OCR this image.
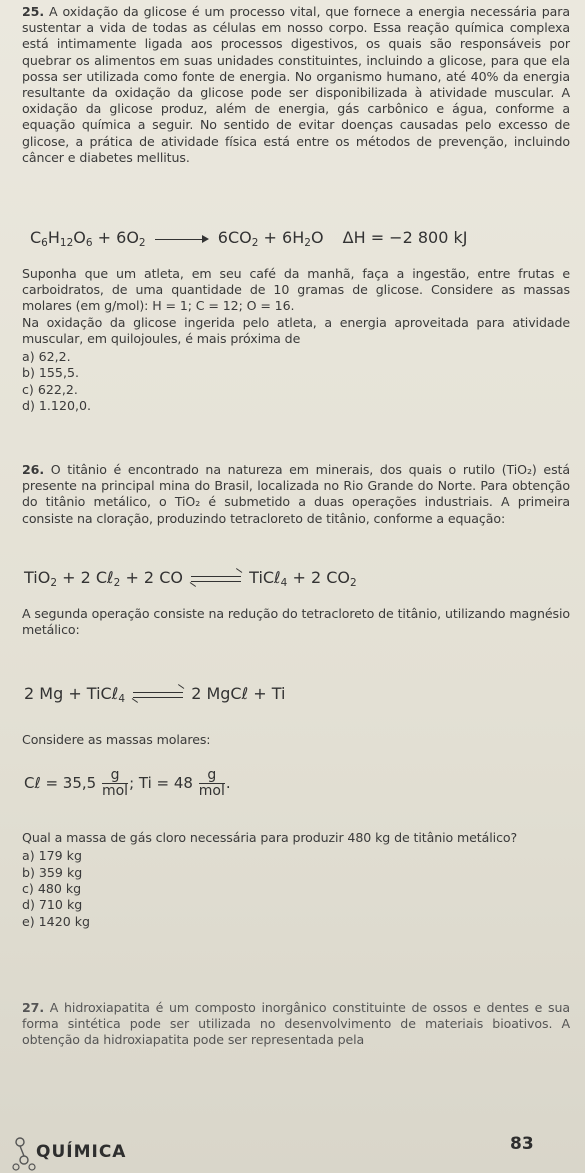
25. A oxidação da glicose é um processo vital, que fornece a energia necessária para sustentar a vida de todas as células em nosso corpo. Essa reação química complexa está intimamente ligada aos processos digestivos, os quais são responsáveis por quebrar os alimentos em suas unidades constituintes, incluindo a glicose, para que ela possa ser utilizada como fonte de energia. No organismo humano, até 40% da energia resultante da oxidação da glicose pode ser disponibilizada à atividade muscular. A oxidação da glicose produz, além de energia, gás carbônico e água, conforme a equação química a seguir. No sentido de evitar doenças causadas pelo excesso de glicose, a prática de atividade física está entre os métodos de prevenção, incluindo câncer e diabetes mellitus.

$C_6H_{12}O_6 + 6O_2$	$6CO_2 + 6H_2O$ ΔH = −2 800 kJ

Suponha que um atleta, em seu café da manhã, faça a ingestão, entre frutas e carboidratos, de uma quantidade de 10 gramas de glicose. Considere as massas molares (em g/mol): H = 1; C = 12; O = 16.

Na oxidação da glicose ingerida pelo atleta, a energia aproveitada para atividade muscular, em quilojoules, é mais próxima de

a) 62,2.
b) 155,5.
c) 622,2.
d) 1.120,0.

26. O titânio é encontrado na natureza em minerais, dos quais o rutilo (TiO₂) está presente na principal mina do Brasil, localizada no Rio Grande do Norte. Para obtenção do titânio metálico, o TiO₂ é submetido a duas operações industriais. A primeira consiste na cloração, produzindo tetracloreto de titânio, conforme a equação:

TiO$_2$ + 2 Cℓ$_2$ + 2 CO ⇌ TiCℓ$_4$ + 2 $CO_2$

A segunda operação consiste na redução do tetracloreto de titânio, utilizando magnésio metálico:

2 Mg + TiCℓ$_4$ ⇌ 2 MgCℓ + Ti

Considere as massas molares:

Cℓ = $35,5 \frac{g}{\text{mol}}$ ; $Ti = 48 \frac{g}{\text{mol}}$ .

Qual a massa de gás cloro necessária para produzir 480 kg de titânio metálico?

a) 179 kg
b) 359 kg
c) 480 kg
d) 710 kg
e) 1420 kg

27. A hidroxiapatita é um composto inorgânico constituinte de ossos e dentes e sua forma sintética pode ser utilizada no desenvolvimento de materiais bioativos. A obtenção da hidroxiapatita pode ser representada pela

QUÍMICA	83
